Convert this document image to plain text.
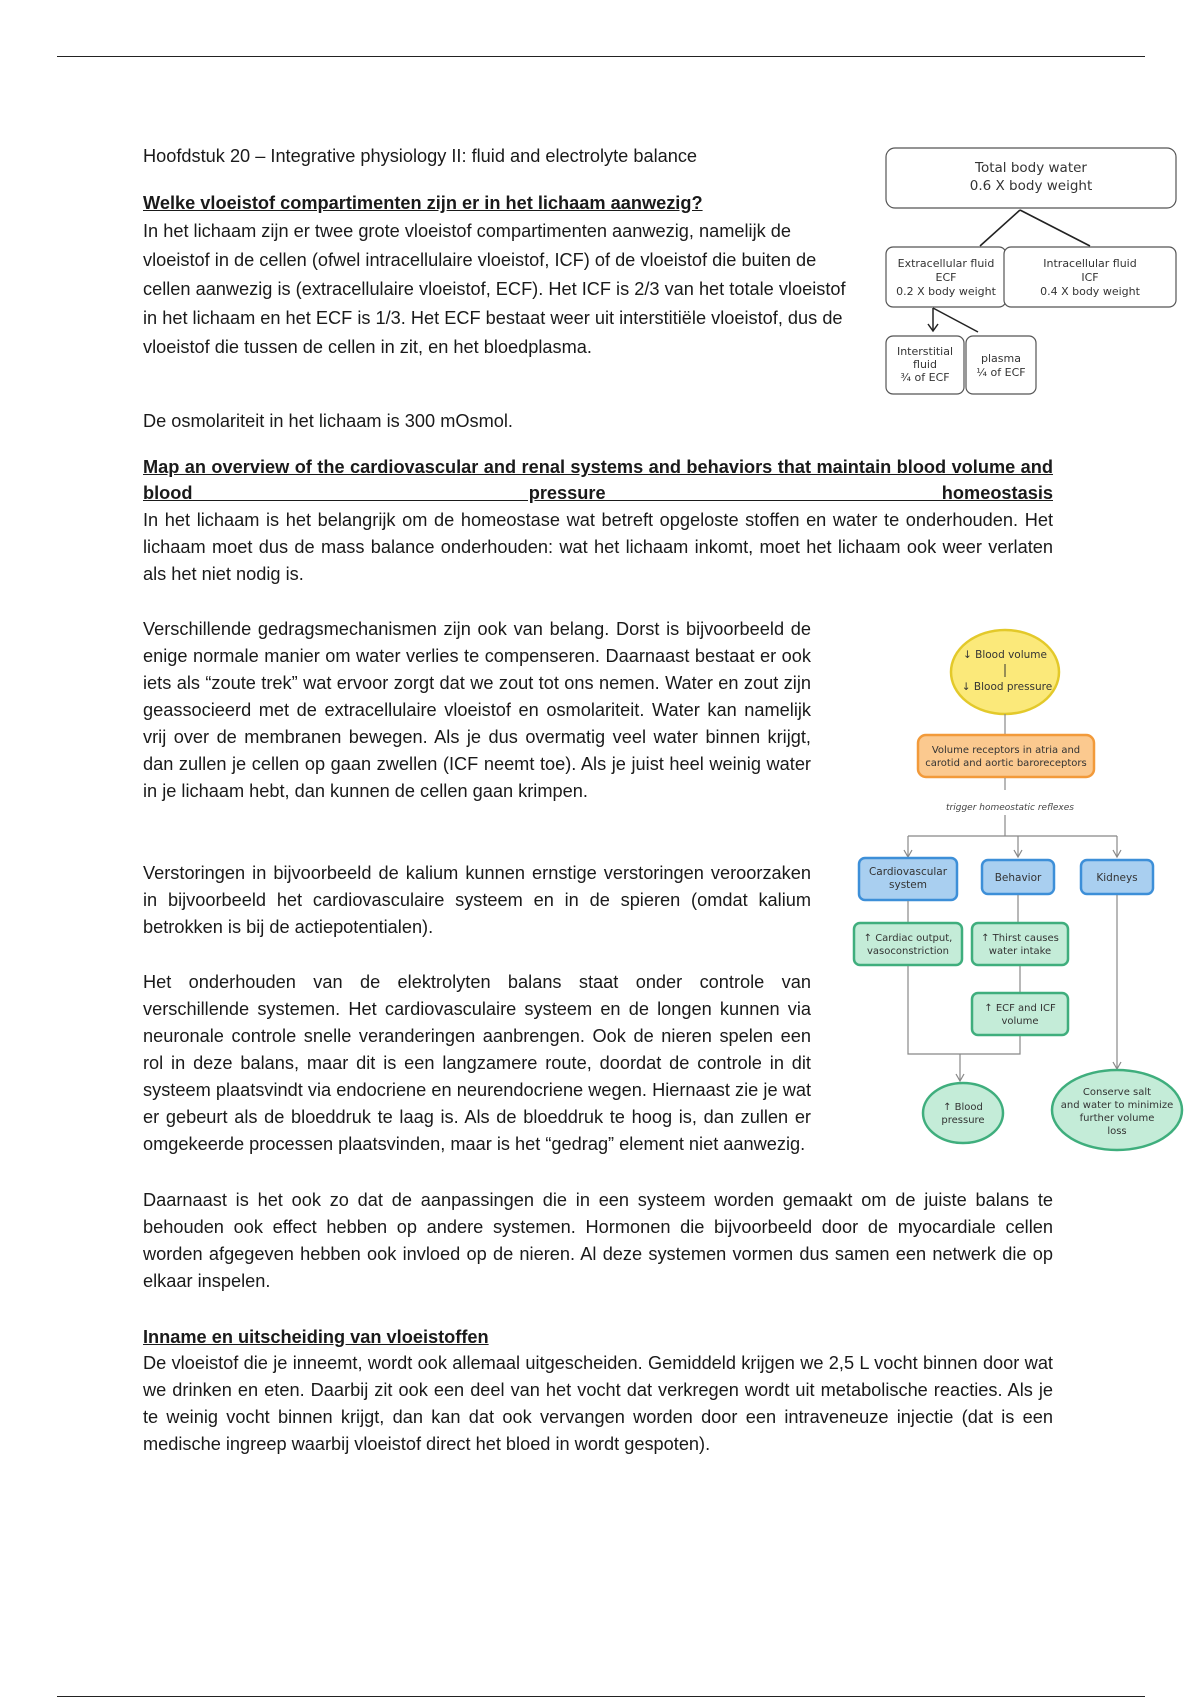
Hoofdstuk 20 – Integrative physiology II: fluid and electrolyte balance
Welke vloeistof compartimenten zijn er in het lichaam aanwezig?

In het lichaam zijn er twee grote vloeistof compartimenten aanwezig, namelijk de vloeistof in de cellen (ofwel intracellulaire vloeistof, ICF) of de vloeistof die buiten de cellen aanwezig is (extracellulaire vloeistof, ECF). Het ICF is 2/3 van het totale vloeistof in het lichaam en het ECF is 1/3. Het ECF bestaat weer uit interstitiële vloeistof, dus de vloeistof die tussen de cellen in zit, en het bloedplasma.

De osmolariteit in het lichaam is 300 mOsmol.

Total body water
0.6 X body weight
Extracellular fluid
ECF
0.2 X body weight
Intracellular fluid
ICF
0.4 X body weight
Interstitial
fluid
¾ of ECF
plasma
¼ of ECF
Map an overview of the cardiovascular and renal systems and behaviors that maintain blood volume and
blood pressure homeostasis

In het lichaam is het belangrijk om de homeostase wat betreft opgeloste stoffen en water te onderhouden. Het lichaam moet dus de mass balance onderhouden: wat het lichaam inkomt, moet het lichaam ook weer verlaten als het niet nodig is.

Verschillende gedragsmechanismen zijn ook van belang. Dorst is bijvoorbeeld de enige normale manier om water verlies te compenseren. Daarnaast bestaat er ook iets als “zoute trek” wat ervoor zorgt dat we zout tot ons nemen. Water en zout zijn geassocieerd met de extracellulaire vloeistof en osmolariteit. Water kan namelijk vrij over de membranen bewegen. Als je dus overmatig veel water binnen krijgt, dan zullen je cellen op gaan zwellen (ICF neemt toe). Als je juist heel weinig water in je lichaam hebt, dan kunnen de cellen gaan krimpen.

Verstoringen in bijvoorbeeld de kalium kunnen ernstige verstoringen veroorzaken in bijvoorbeeld het cardiovasculaire systeem en in de spieren (omdat kalium betrokken is bij de actiepotentialen).

Het onderhouden van de elektrolyten balans staat onder controle van verschillende systemen. Het cardiovasculaire systeem en de longen kunnen via neuronale controle snelle veranderingen aanbrengen. Ook de nieren spelen een rol in deze balans, maar dit is een langzamere route, doordat de controle in dit systeem plaatsvindt via endocriene en neurendocriene wegen. Hiernaast zie je wat er gebeurt als de bloeddruk te laag is. Als de bloeddruk te hoog is, dan zullen er omgekeerde processen plaatsvinden, maar is het “gedrag” element niet aanwezig.

Daarnaast is het ook zo dat de aanpassingen die in een systeem worden gemaakt om de juiste balans te behouden ook effect hebben op andere systemen. Hormonen die bijvoorbeeld door de myocardiale cellen worden afgegeven hebben ook invloed op de nieren. Al deze systemen vormen dus samen een netwerk die op elkaar inspelen.

↓ Blood volume
↓ Blood pressure
Volume receptors in atria and
carotid and aortic baroreceptors
trigger homeostatic reflexes
Cardiovascular
system
Behavior	Kidneys
↑ Cardiac output,
vasoconstriction
↑ Thirst causes
water intake
↑ ECF and ICF
volume
↑ Blood
pressure
Conserve salt
and water to minimize
further volume
loss
Inname en uitscheiding van vloeistoffen

De vloeistof die je inneemt, wordt ook allemaal uitgescheiden. Gemiddeld krijgen we 2,5 L vocht binnen door wat we drinken en eten. Daarbij zit ook een deel van het vocht dat verkregen wordt uit metabolische reacties. Als je te weinig vocht binnen krijgt, dan kan dat ook vervangen worden door een intraveneuze injectie (dat is een medische ingreep waarbij vloeistof direct het bloed in wordt gespoten).
